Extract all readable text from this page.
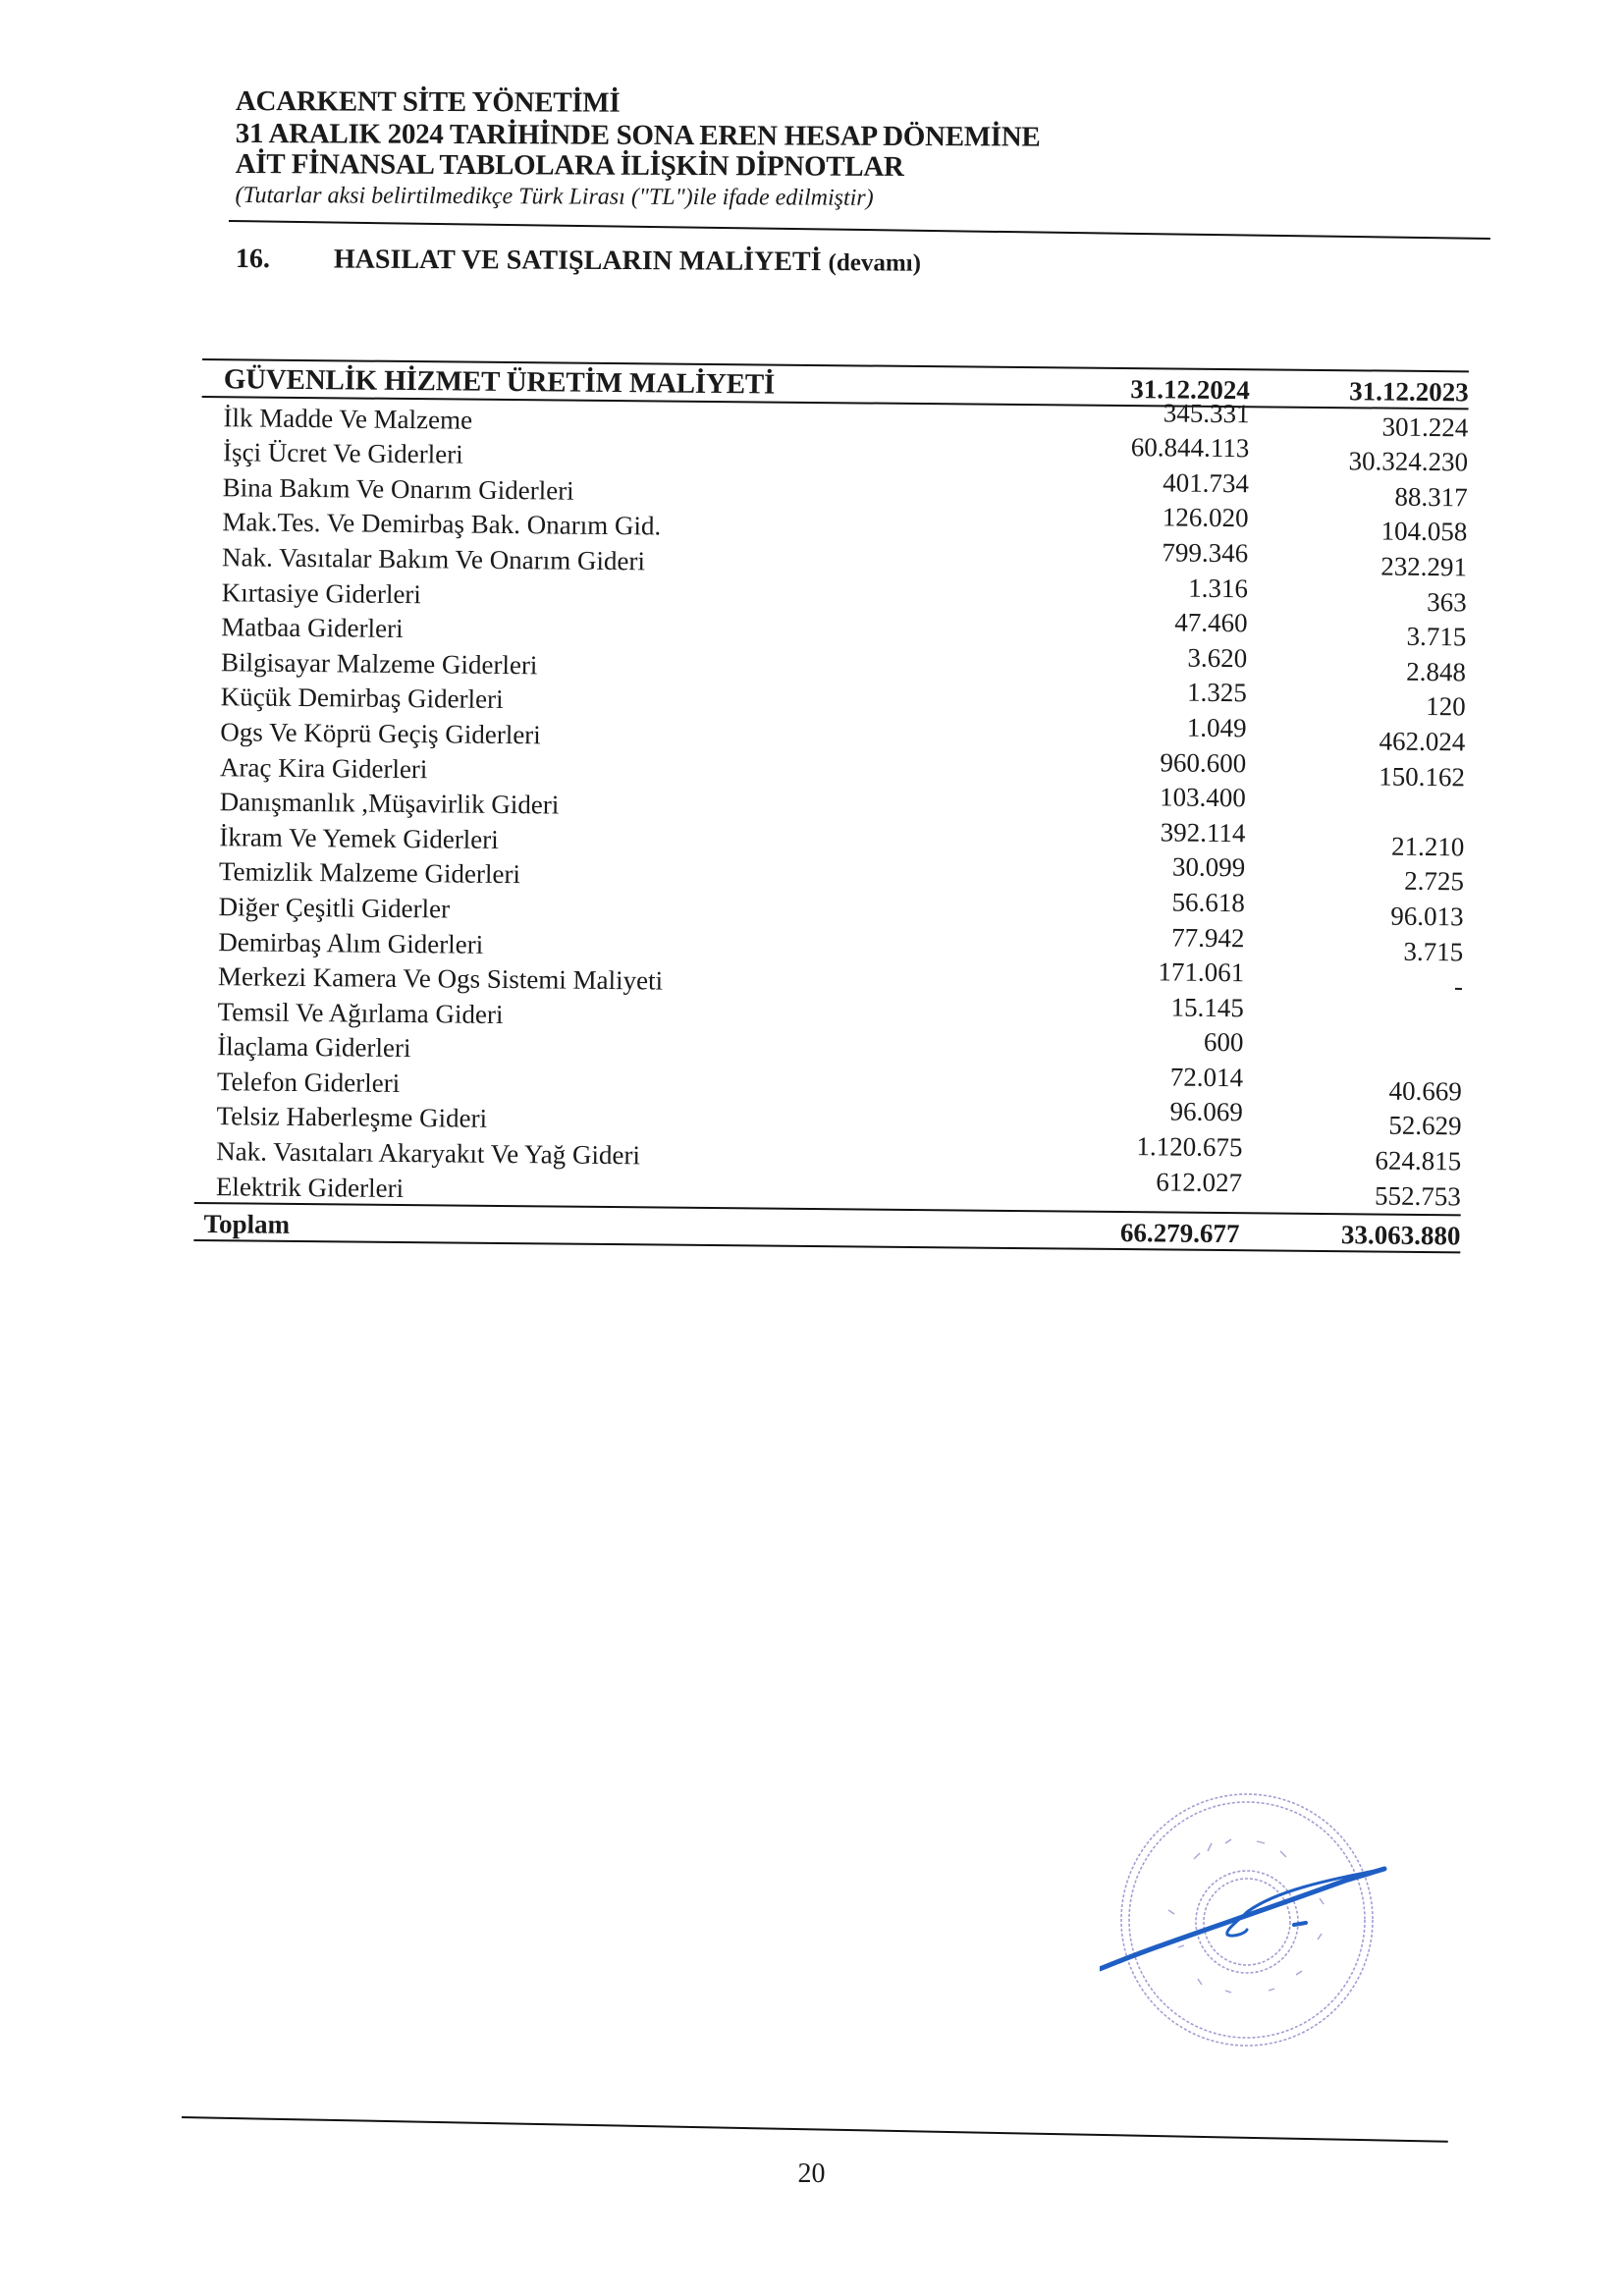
ACARKENT SİTE YÖNETİMİ
31 ARALIK 2024 TARİHİNDE SONA EREN HESAP DÖNEMİNE
AİT FİNANSAL TABLOLARA İLİŞKİN DİPNOTLAR
(Tutarlar aksi belirtilmedikçe Türk Lirası ("TL")ile ifade edilmiştir)
16. HASILAT VE SATIŞLARIN MALİYETİ (devamı)
GÜVENLİK HİZMET ÜRETİM MALİYETİ	31.12.2024	31.12.2023
İlk Madde Ve Malzeme	345.331	301.224
İşçi Ücret Ve Giderleri	60.844.113	30.324.230
Bina Bakım Ve Onarım Giderleri	401.734	88.317
Mak.Tes. Ve Demirbaş Bak. Onarım Gid.	126.020	104.058
Nak. Vasıtalar Bakım Ve Onarım Gideri	799.346	232.291
Kırtasiye Giderleri	1.316	363
Matbaa Giderleri	47.460	3.715
Bilgisayar Malzeme Giderleri	3.620	2.848
Küçük Demirbaş Giderleri	1.325	120
Ogs Ve Köprü Geçiş Giderleri	1.049	462.024
Araç Kira Giderleri	960.600	150.162
Danışmanlık ,Müşavirlik Gideri	103.400
İkram Ve Yemek Giderleri	392.114	21.210
Temizlik Malzeme Giderleri	30.099	2.725
Diğer Çeşitli Giderler	56.618	96.013
Demirbaş Alım Giderleri	77.942	3.715
Merkezi Kamera Ve Ogs Sistemi Maliyeti	171.061	-
Temsil Ve Ağırlama Gideri	15.145
İlaçlama Giderleri	600
Telefon Giderleri	72.014	40.669
Telsiz Haberleşme Gideri	96.069	52.629
Nak. Vasıtaları Akaryakıt Ve Yağ Gideri	1.120.675	624.815
Elektrik Giderleri	612.027	552.753
Toplam	66.279.677	33.063.880
20
